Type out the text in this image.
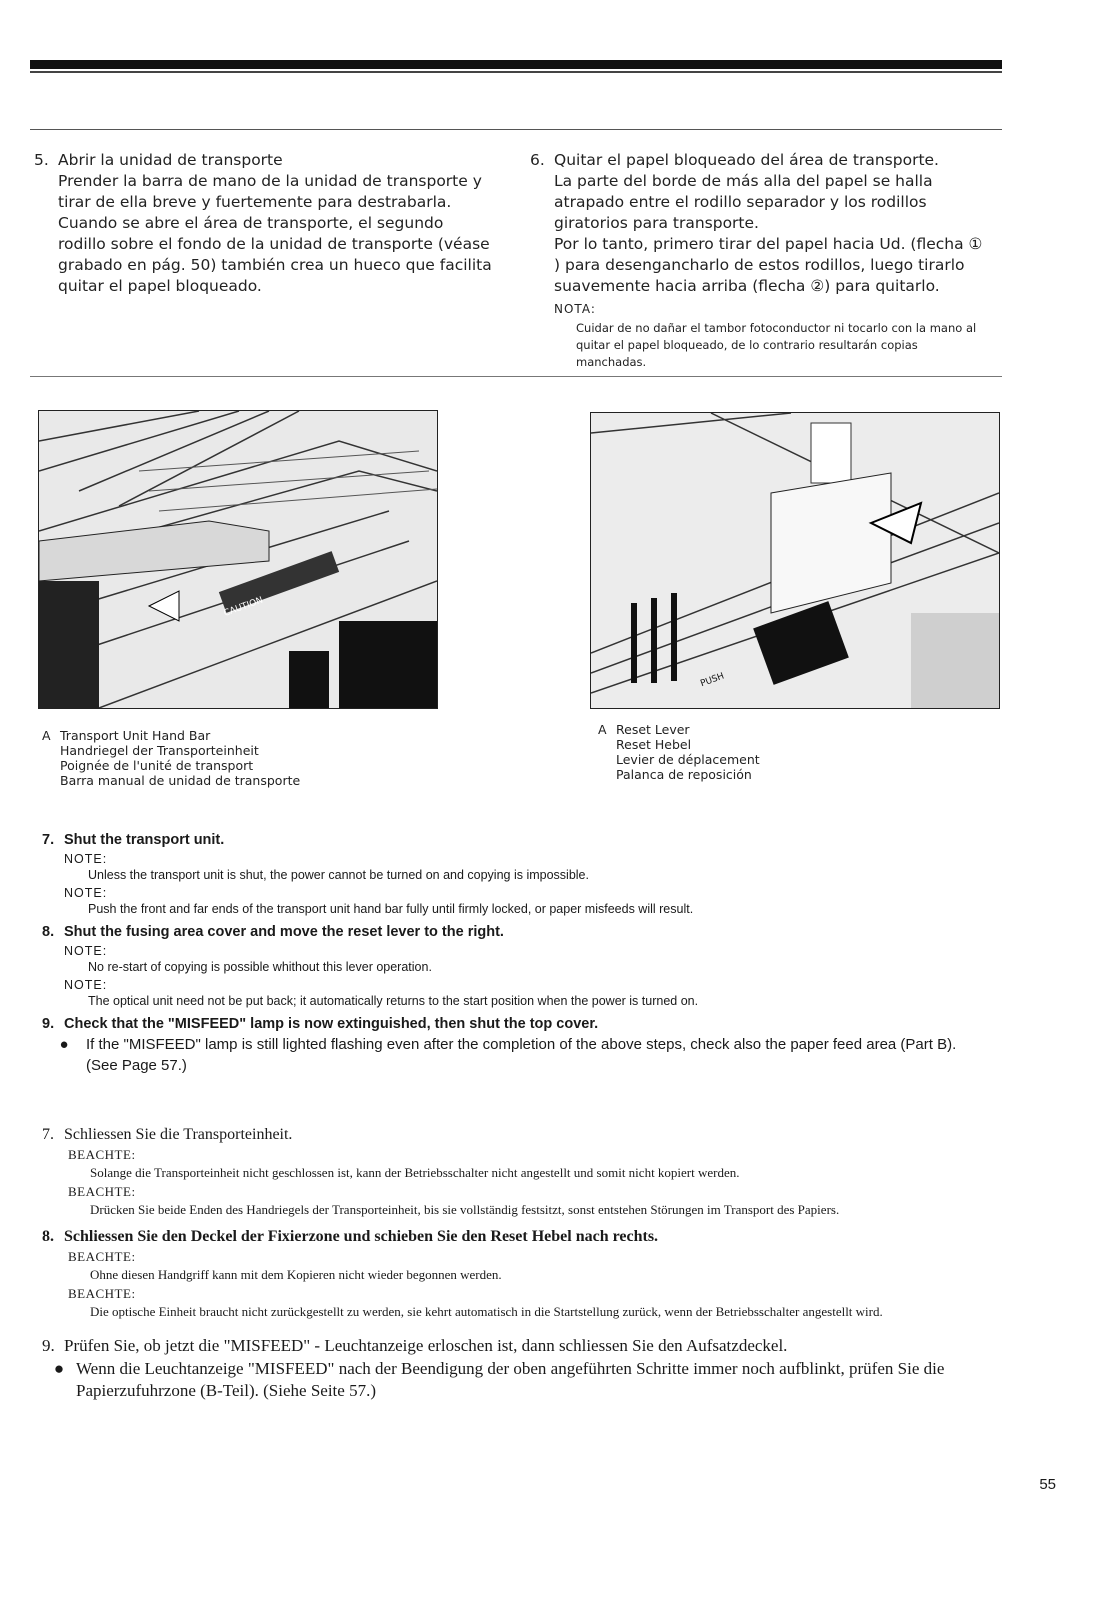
5. Abrir la unidad de transporte
Prender la barra de mano de la unidad de transporte y tirar de ella breve y fuertemente para destrabarla. Cuando se abre el área de transporte, el segundo rodillo sobre el fondo de la unidad de transporte (véase grabado en pág. 50) también crea un hueco que facilita quitar el papel bloqueado.
6. Quitar el papel bloqueado del área de transporte.
La parte del borde de más alla del papel se halla atrapado entre el rodillo separador y los rodillos giratorios para transporte.
Por lo tanto, primero tirar del papel hacia Ud. (flecha ① ) para desengancharlo de estos rodillos, luego tirarlo suavemente hacia arriba (flecha ②) para quitarlo.
NOTA:
Cuidar de no dañar el tambor fotoconductor ni tocarlo con la mano al quitar el papel bloqueado, de lo contrario resultarán copias manchadas.
CAUTION
PUSH
A Transport Unit Hand Bar
Handriegel der Transporteinheit
Poignée de l'unité de transport
Barra manual de unidad de transporte
A Reset Lever
Reset Hebel
Levier de déplacement
Palanca de reposición
7. Shut the transport unit.
NOTE:
Unless the transport unit is shut, the power cannot be turned on and copying is impossible.
NOTE:
Push the front and far ends of the transport unit hand bar fully until firmly locked, or paper misfeeds will result.
8. Shut the fusing area cover and move the reset lever to the right.
NOTE:
No re-start of copying is possible whithout this lever operation.
NOTE:
The optical unit need not be put back; it automatically returns to the start position when the power is turned on.
9. Check that the "MISFEED" lamp is now extinguished, then shut the top cover.
●	If the "MISFEED" lamp is still lighted flashing even after the completion of the above steps, check also the paper feed area (Part B). (See Page 57.)
7. Schliessen Sie die Transporteinheit.
BEACHTE:
Solange die Transporteinheit nicht geschlossen ist, kann der Betriebsschalter nicht angestellt und somit nicht kopiert werden.
BEACHTE:
Drücken Sie beide Enden des Handriegels der Transporteinheit, bis sie vollständig festsitzt, sonst entstehen Störungen im Transport des Papiers.
8. Schliessen Sie den Deckel der Fixierzone und schieben Sie den Reset Hebel nach rechts.
BEACHTE:
Ohne diesen Handgriff kann mit dem Kopieren nicht wieder begonnen werden.
BEACHTE:
Die optische Einheit braucht nicht zurückgestellt zu werden, sie kehrt automatisch in die Startstellung zurück, wenn der Betriebsschalter angestellt wird.
9. Prüfen Sie, ob jetzt die "MISFEED" - Leuchtanzeige erloschen ist, dann schliessen Sie den Aufsatzdeckel.
● Wenn die Leuchtanzeige "MISFEED" nach der Beendigung der oben angeführten Schritte immer noch aufblinkt, prüfen Sie die Papierzufuhrzone (B-Teil). (Siehe Seite 57.)
55
